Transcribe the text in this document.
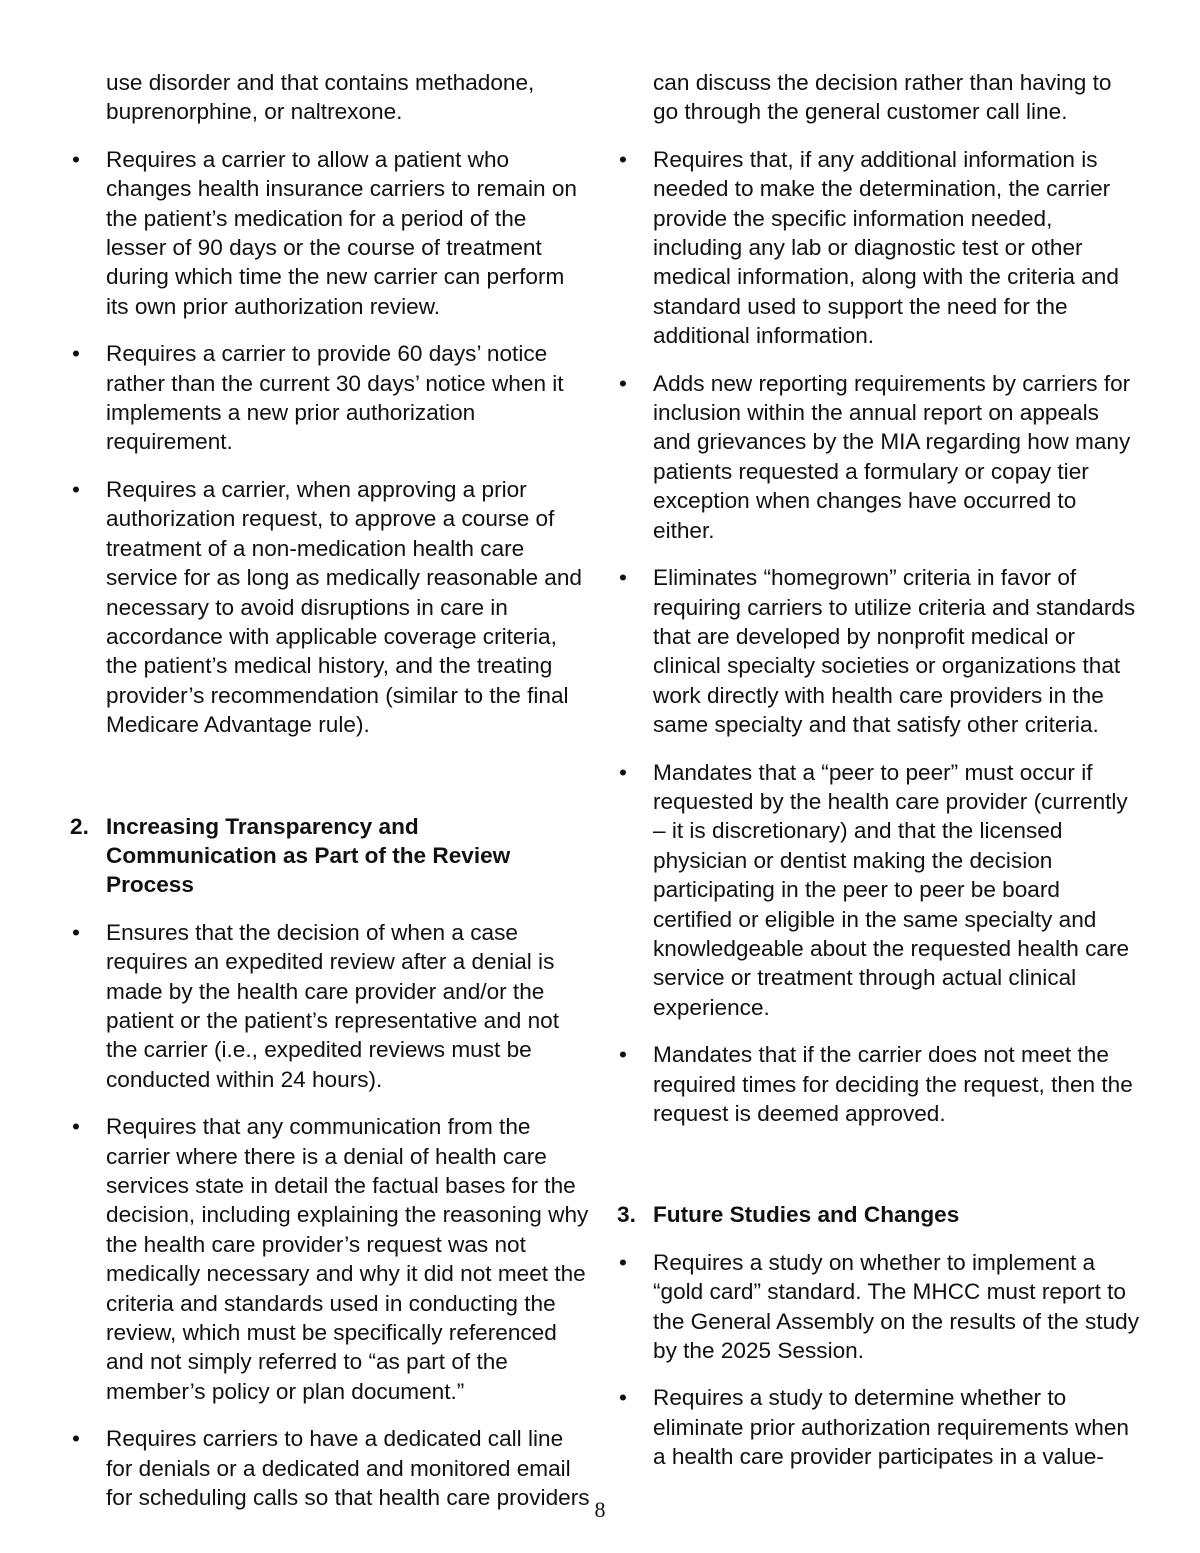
use disorder and that contains methadone, buprenorphine, or naltrexone.

• Requires a carrier to allow a patient who changes health insurance carriers to remain on the patient’s medication for a period of the lesser of 90 days or the course of treatment during which time the new carrier can perform its own prior authorization review.
• Requires a carrier to provide 60 days’ notice rather than the current 30 days’ notice when it implements a new prior authorization requirement.
• Requires a carrier, when approving a prior authorization request, to approve a course of treatment of a non-medication health care service for as long as medically reasonable and necessary to avoid disruptions in care in accordance with applicable coverage criteria, the patient’s medical history, and the treating provider’s recommendation (similar to the final Medicare Advantage rule).
2. Increasing Transparency and Communication as Part of the Review Process
• Ensures that the decision of when a case requires an expedited review after a denial is made by the health care provider and/or the patient or the patient’s representative and not the carrier (i.e., expedited reviews must be conducted within 24 hours).
• Requires that any communication from the carrier where there is a denial of health care services state in detail the factual bases for the decision, including explaining the reasoning why the health care provider’s request was not medically necessary and why it did not meet the criteria and standards used in conducting the review, which must be specifically referenced and not simply referred to “as part of the member’s policy or plan document.”
• Requires carriers to have a dedicated call line for denials or a dedicated and monitored email for scheduling calls so that health care providers

can discuss the decision rather than having to go through the general customer call line.

• Requires that, if any additional information is needed to make the determination, the carrier provide the specific information needed, including any lab or diagnostic test or other medical information, along with the criteria and standard used to support the need for the additional information.
• Adds new reporting requirements by carriers for inclusion within the annual report on appeals and grievances by the MIA regarding how many patients requested a formulary or copay tier exception when changes have occurred to either.
• Eliminates “homegrown” criteria in favor of requiring carriers to utilize criteria and standards that are developed by nonprofit medical or clinical specialty societies or organizations that work directly with health care providers in the same specialty and that satisfy other criteria.
• Mandates that a “peer to peer” must occur if requested by the health care provider (currently – it is discretionary) and that the licensed physician or dentist making the decision participating in the peer to peer be board certified or eligible in the same specialty and knowledgeable about the requested health care service or treatment through actual clinical experience.
• Mandates that if the carrier does not meet the required times for deciding the request, then the request is deemed approved.
3. Future Studies and Changes
• Requires a study on whether to implement a “gold card” standard. The MHCC must report to the General Assembly on the results of the study by the 2025 Session.
• Requires a study to determine whether to eliminate prior authorization requirements when a health care provider participates in a value-
8
